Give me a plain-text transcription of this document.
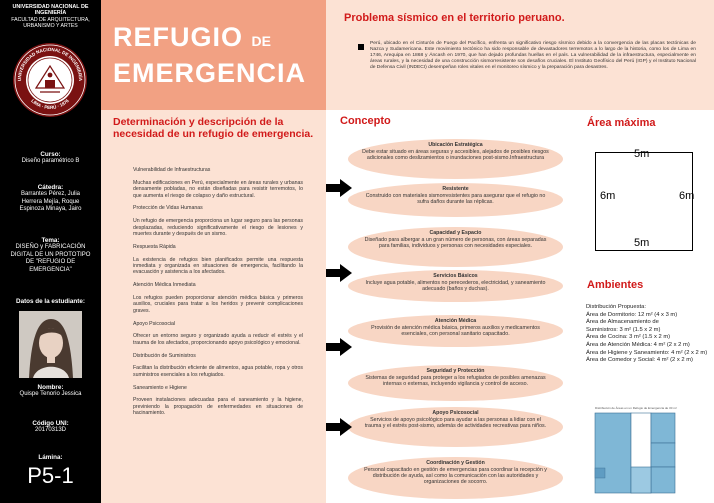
UNIVERSIDAD NACIONAL DE
INGENIERÍA
FACULTAD DE ARQUITECTURA,
URBANISMO Y ARTES
UNIVERSIDAD NACIONAL DE INGENIERÍA
LIMA · PERÚ · 1876
Curso:
Diseño paramétrico B
Cátedra:
Barrantes Pérez, Julia
Herrera Mejía, Roque
Espinoza Minaya, Jairo
Tema:
DISEÑO y FABRICACIÓN
DIGITAL DE UN PROTOTIPO
DE "REFUGIO DE
EMERGENCIA"
Datos de la estudiante:
Nombre:
Quispe Tenorio Jessica
Código UNI:
20170313D
Lámina:
P5-1
REFUGIO DE
EMERGENCIA
Determinación y descripción de la necesidad de un refugio de emergencia.

Vulnerabilidad de Infraestructuras

Muchas edificaciones en Perú, especialmente en áreas rurales y urbanas densamente pobladas, no están diseñadas para resistir terremotos, lo que aumenta el riesgo de colapso y daño estructural.

Protección de Vidas Humanas

Un refugio de emergencia proporciona un lugar seguro para las personas desplazadas, reduciendo significativamente el riesgo de lesiones y muertes durante y después de un sismo.

Respuesta Rápida

La existencia de refugios bien planificados permite una respuesta inmediata y organizada en situaciones de emergencia, facilitando la evacuación y asistencia a los afectados.

Atención Médica Inmediata

Los refugios pueden proporcionar atención médica básica y primeros auxilios, cruciales para tratar a los heridos y prevenir complicaciones graves.

Apoyo Psicosocial

Ofrecer un entorno seguro y organizado ayuda a reducir el estrés y el trauma de los afectados, proporcionando apoyo psicológico y emocional.

Distribución de Suministros

Facilitan la distribución eficiente de alimentos, agua potable, ropa y otros suministros esenciales a los refugiados.

Saneamiento e Higiene

Proveen instalaciones adecuadas para el saneamiento y la higiene, previniendo la propagación de enfermedades en situaciones de hacinamiento.

Problema sísmico en el territorio peruano.
Perú, ubicado en el Cinturón de Fuego del Pacífico, enfrenta un significativo riesgo sísmico debido a la convergencia de las placas tectónicas de Nazca y Sudamericana. Este movimiento tectónico ha sido responsable de devastadores terremotos a lo largo de la historia, como los de Lima en 1746, Arequipa en 1868 y Áncash en 1970, que han dejado profundas huellas en el país. La vulnerabilidad de la infraestructura, especialmente en áreas rurales, y la necesidad de una construcción sismorresistente son desafíos cruciales. El Instituto Geofísico del Perú (IGP) y el Instituto Nacional de Defensa Civil (INDECI) desempeñan roles vitales en el monitoreo sísmico y la preparación para desastres.
Concepto
Ubicación Estratégica
Debe estar situado en áreas seguras y accesibles, alejados de posibles riesgos adicionales como deslizamientos o inundaciones post-sismo.Infraestructura
Resistente
Construido con materiales sismorresistentes para asegurar que el refugio no sufra daños durante las réplicas.
Capacidad y Espacio
Diseñado para albergar a un gran número de personas, con áreas separadas para familias, individuos y personas con necesidades especiales.
Servicios Básicos
Incluye agua potable, alimentos no perecederos, electricidad, y saneamiento adecuado (baños y duchas).
Atención Médica
Provisión de atención médica básica, primeros auxilios y medicamentos esenciales, con personal sanitario capacitado.
Seguridad y Protección
Sistemas de seguridad para proteger a los refugiados de posibles amenazas internas o externas, incluyendo vigilancia y control de acceso.
Apoyo Psicosocial
Servicios de apoyo psicológico para ayudar a las personas a lidiar con el trauma y el estrés post-sismo, además de actividades recreativas para niños.
Coordinación y Gestión
Personal capacitado en gestión de emergencias para coordinar la recepción y distribución de ayuda, así como la comunicación con las autoridades y organizaciones de socorro.
Área máxima
5m
5m
6m	6m
Ambientes
Distribución Propuesta:
Área de Dormitorio: 12 m² (4 x 3 m)
Área de Almacenamiento de
Suministros: 3 m² (1.5 x 2 m)
Área de Cocina: 3 m² (1.5 x 2 m)
Área de Atención Médica: 4 m² (2 x 2 m)
Área de Higiene y Saneamiento: 4 m² (2 x 2 m)
Área de Comedor y Social: 4 m² (2 x 2 m)
Distribución de Áreas en un Refugio de Emergencia de 30 m²
